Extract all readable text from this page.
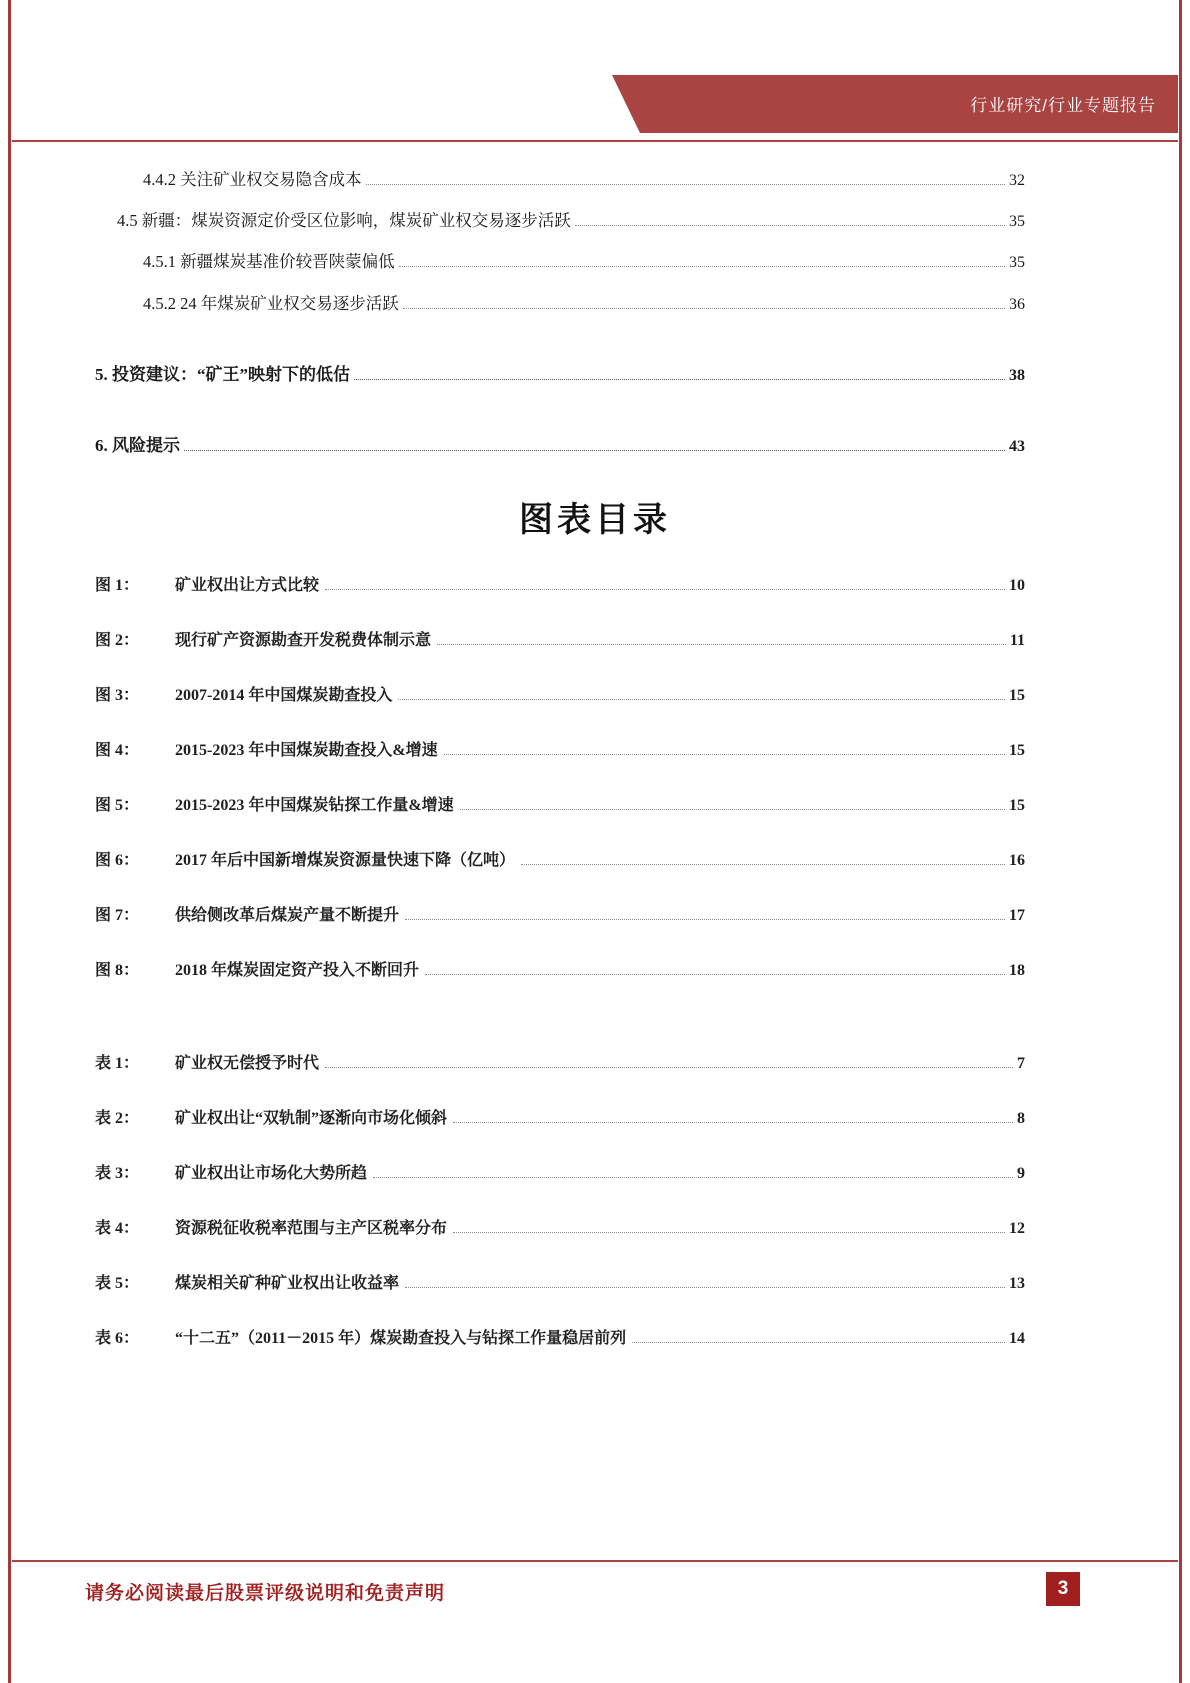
行业研究/行业专题报告
4.4.2 关注矿业权交易隐含成本	32
4.5 新疆：煤炭资源定价受区位影响，煤炭矿业权交易逐步活跃	35
4.5.1 新疆煤炭基准价较晋陕蒙偏低	35
4.5.2 24 年煤炭矿业权交易逐步活跃	36
5. 投资建议：“矿王”映射下的低估	38
6. 风险提示	43
图表目录
图 1：	矿业权出让方式比较	10
图 2：	现行矿产资源勘查开发税费体制示意	11
图 3：	2007-2014 年中国煤炭勘查投入	15
图 4：	2015-2023 年中国煤炭勘查投入&增速	15
图 5：	2015-2023 年中国煤炭钻探工作量&增速	15
图 6：	2017 年后中国新增煤炭资源量快速下降（亿吨）	16
图 7：	供给侧改革后煤炭产量不断提升	17
图 8：	2018 年煤炭固定资产投入不断回升	18
表 1：	矿业权无偿授予时代	7
表 2：	矿业权出让“双轨制”逐渐向市场化倾斜	8
表 3：	矿业权出让市场化大势所趋	9
表 4：	资源税征收税率范围与主产区税率分布	12
表 5：	煤炭相关矿种矿业权出让收益率	13
表 6：	“十二五”（2011－2015 年）煤炭勘查投入与钻探工作量稳居前列	14
请务必阅读最后股票评级说明和免责声明	3
